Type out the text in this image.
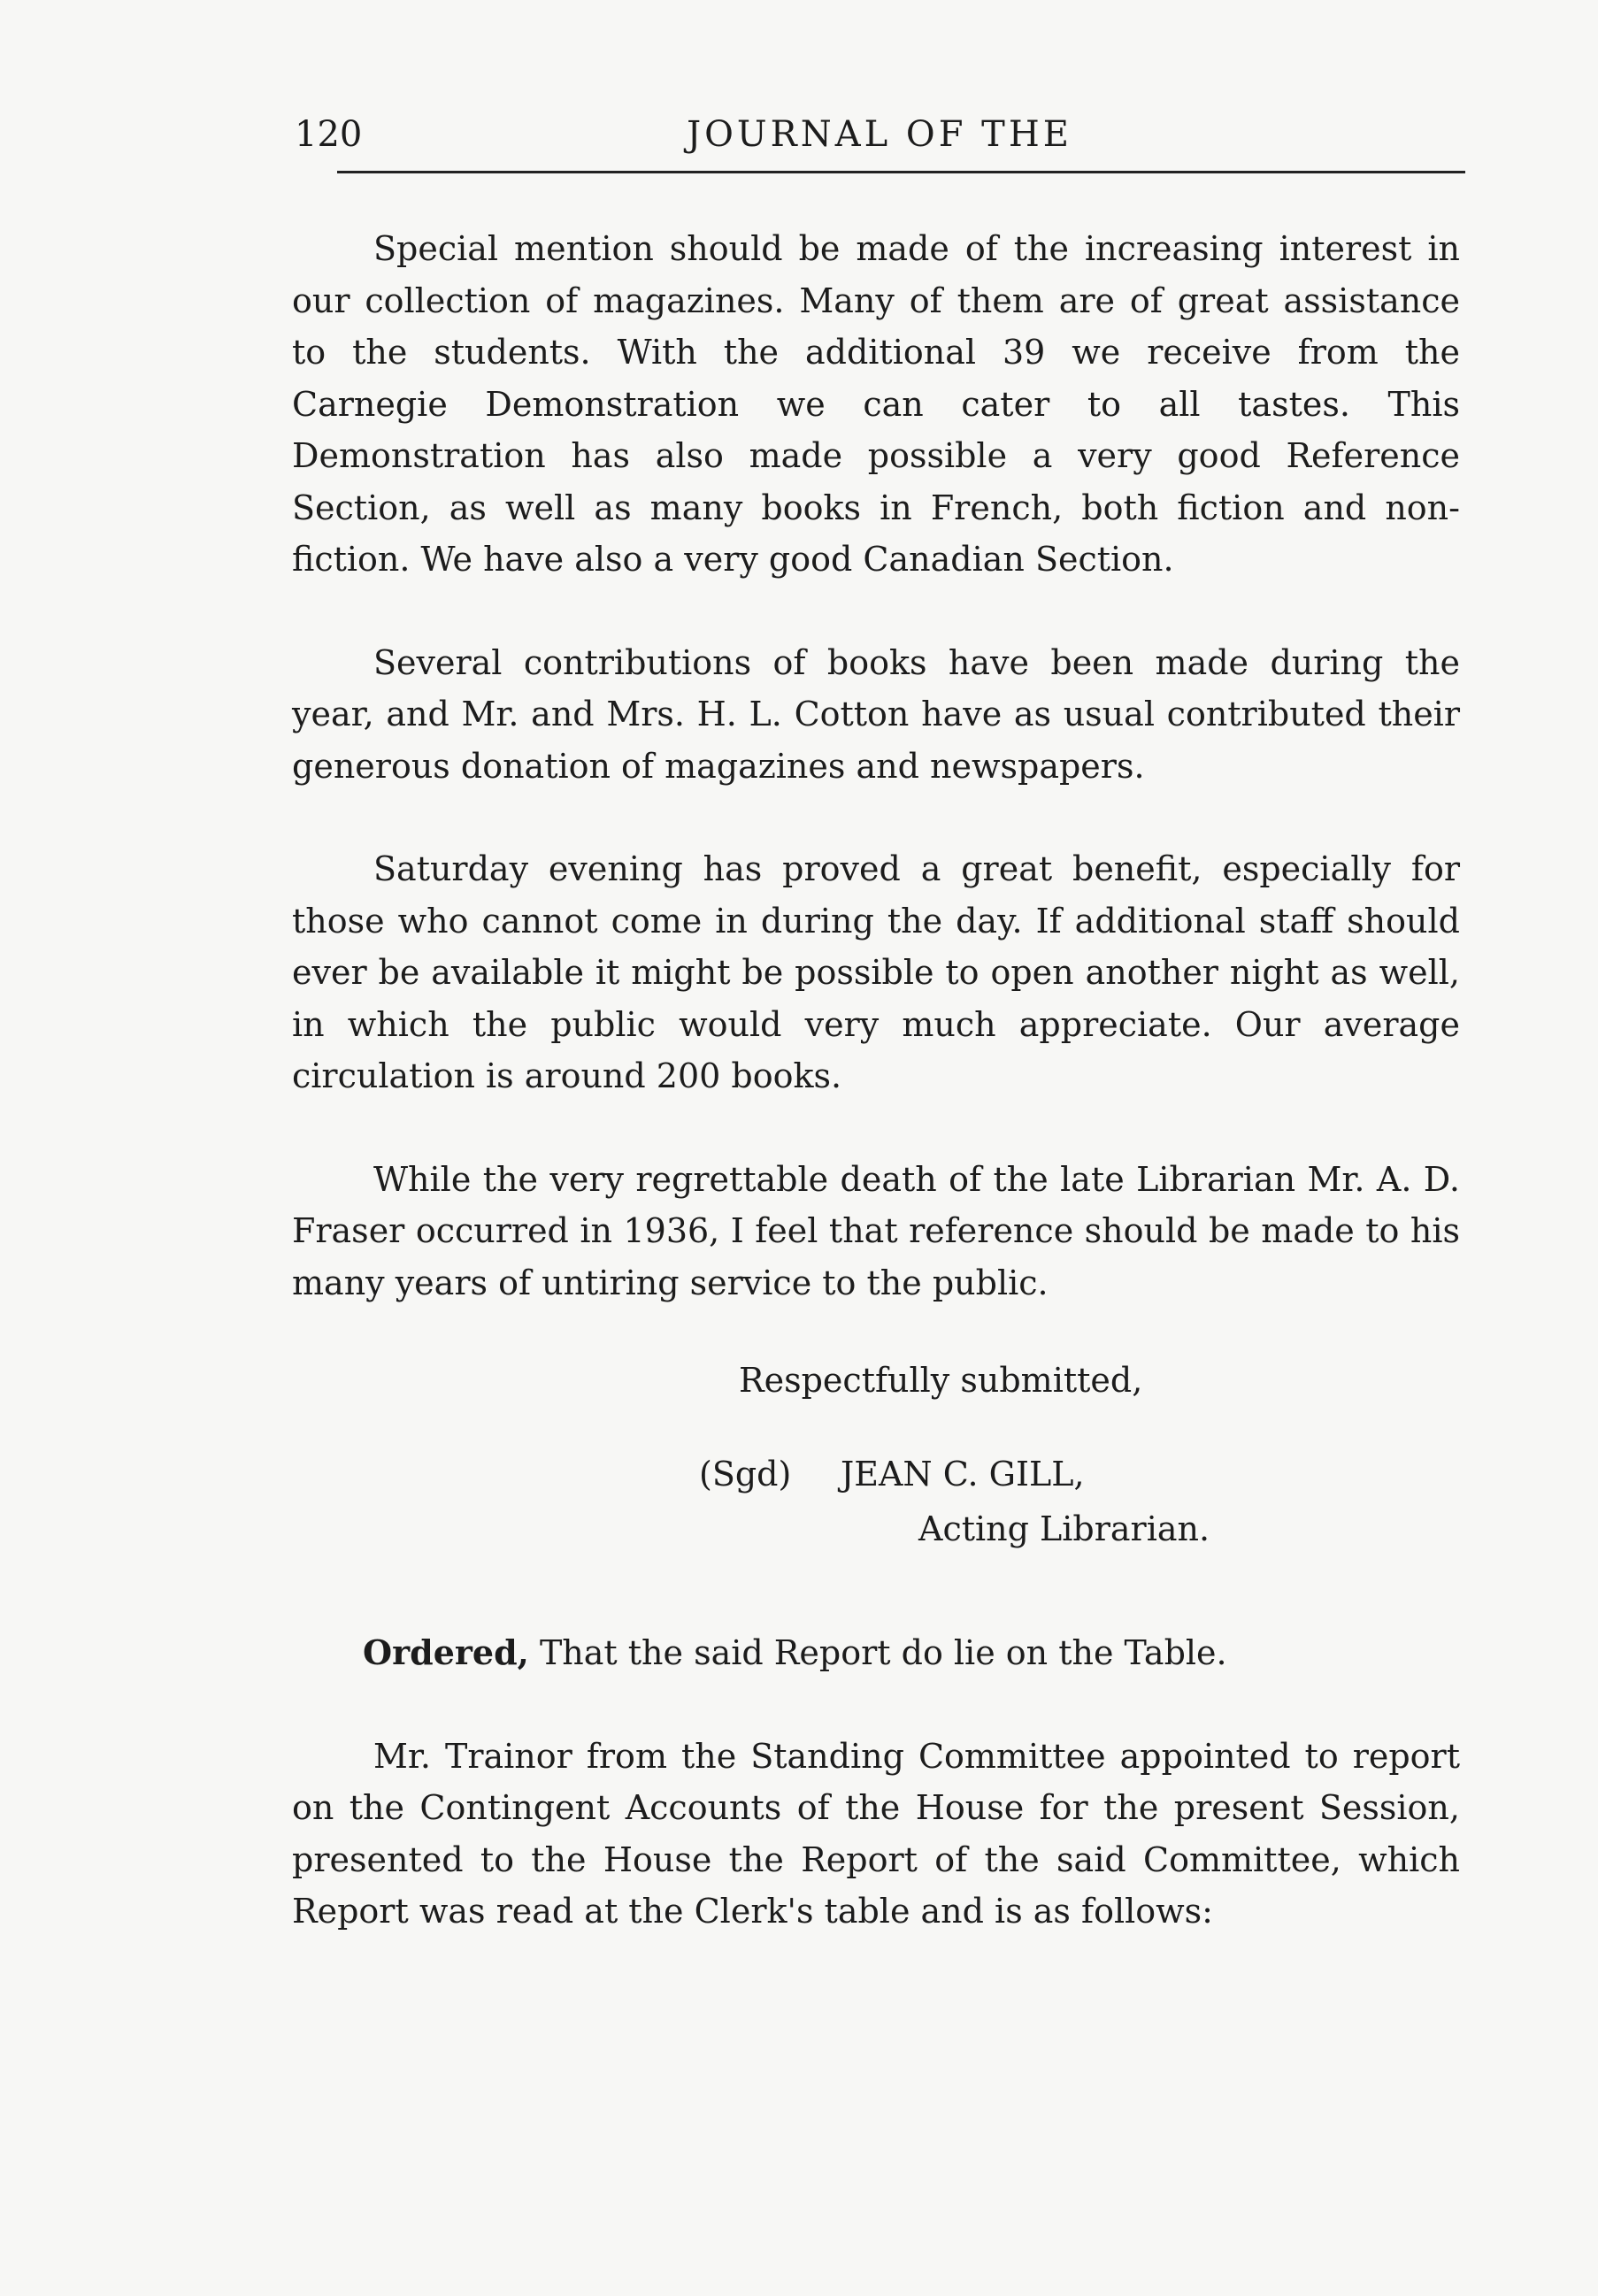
120	JOURNAL OF THE

Special mention should be made of the increasing interest in our collection of magazines. Many of them are of great assistance to the students. With the additional 39 we receive from the Carnegie Demonstration we can cater to all tastes. This Demonstration has also made possible a very good Reference Section, as well as many books in French, both fiction and non-fiction. We have also a very good Canadian Section.

Several contributions of books have been made during the year, and Mr. and Mrs. H. L. Cotton have as usual contributed their generous donation of magazines and newspapers.

Saturday evening has proved a great benefit, especially for those who cannot come in during the day. If additional staff should ever be available it might be possible to open another night as well, in which the public would very much appreciate. Our average circulation is around 200 books.

While the very regrettable death of the late Librarian Mr. A. D. Fraser occurred in 1936, I feel that reference should be made to his many years of untiring service to the public.

Respectfully submitted,
(Sgd) JEAN C. GILL,
Acting Librarian.

Ordered, That the said Report do lie on the Table.

Mr. Trainor from the Standing Committee appointed to report on the Contingent Accounts of the House for the present Session, presented to the House the Report of the said Committee, which Report was read at the Clerk's table and is as follows:
